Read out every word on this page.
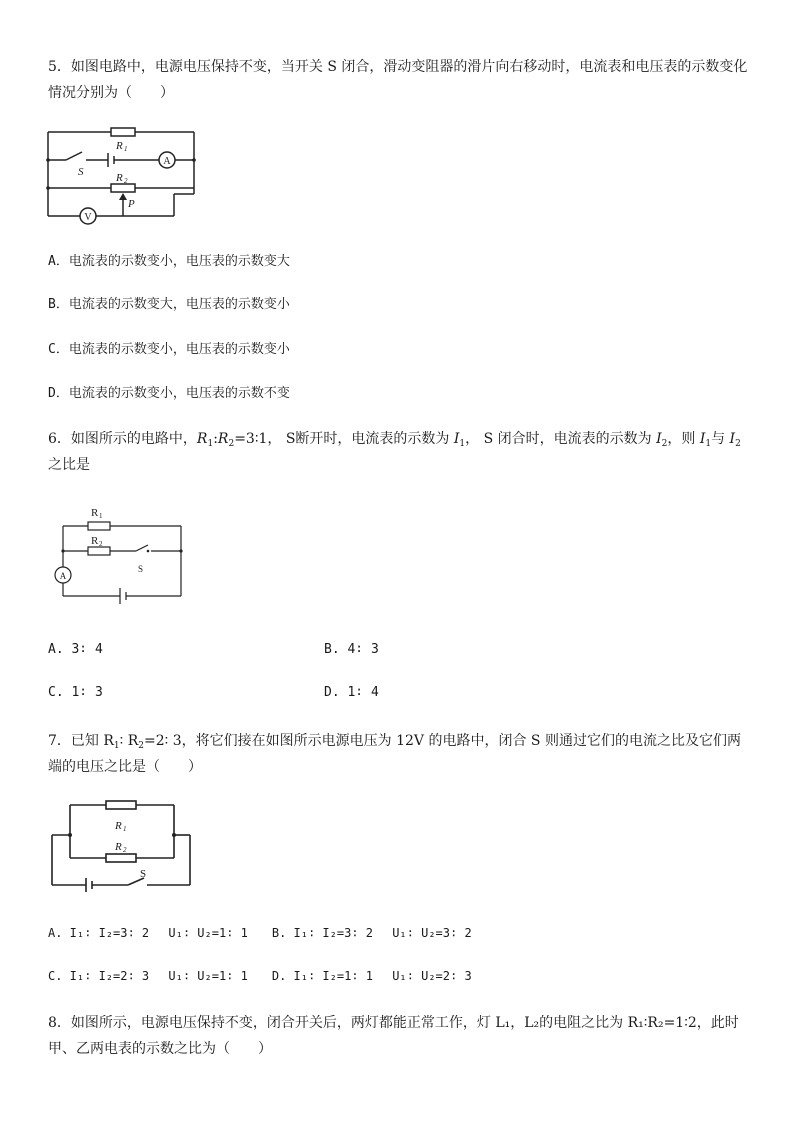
5．如图电路中，电源电压保持不变，当开关 S 闭合，滑动变阻器的滑片向右移动时，电流表和电压表的示数变化情况分别为（　　）
R 1
S	R 2
P
A
V
A．电流表的示数变小，电压表的示数变大
B．电流表的示数变大，电压表的示数变小
C．电流表的示数变小，电压表的示数变小
D．电流表的示数变小，电压表的示数不变
6．如图所示的电路中，$R_1:R_2=3∶1$， S断开时，电流表的示数为 $I_1$， S 闭合时，电流表的示数为 $I_2$，则 $I_1$与 $I_2$之比是
R 1
R 2
S
A
A. 3∶ 4	B. 4∶ 3
C. 1∶ 3	D. 1∶ 4
7．已知 $R_1∶$ $R_2=2∶$ 3，将它们接在如图所示电源电压为 12V 的电路中，闭合 S 则通过它们的电流之比及它们两端的电压之比是（　　）
R 1
R 2
S
A. I₁∶ I₂=3∶ 2　 U₁∶ U₂=1∶ 1　　B. I₁∶ I₂=3∶ 2　 U₁∶ U₂=3∶ 2
C. I₁∶ I₂=2∶ 3　 U₁∶ U₂=1∶ 1　　D. I₁∶ I₂=1∶ 1　 U₁∶ U₂=2∶ 3
8．如图所示，电源电压保持不变，闭合开关后，两灯都能正常工作，灯 L₁，L₂的电阻之比为 R₁∶R₂=1∶2，此时甲、乙两电表的示数之比为（　　）
